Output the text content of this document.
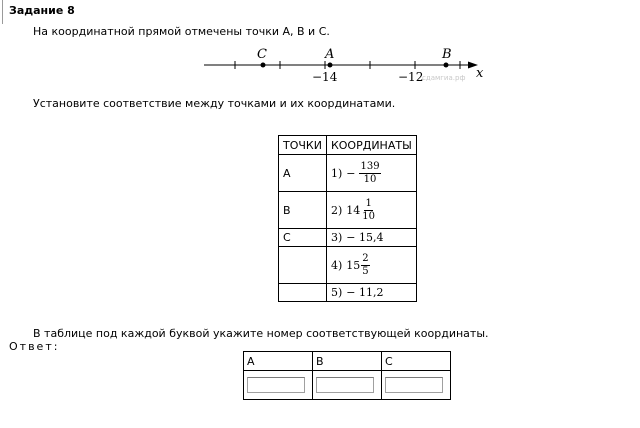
Задание 8
На координатной прямой отмечены точки A, B и C.
C	A	B
−14	−12
сдамгиа.рф x
Установите соответствие между точками и их координатами.
ТОЧКИ	КООРДИНАТЫ
A	$1) - \frac{139}{10}$

B	2) $14 \frac{1}{10}$

C	3) − 15,4

	4) $15 \frac{2}{5}$

	5) − 11,2
В таблице под каждой буквой укажите номер соответствующей координаты.
Ответ:
A	B	C
